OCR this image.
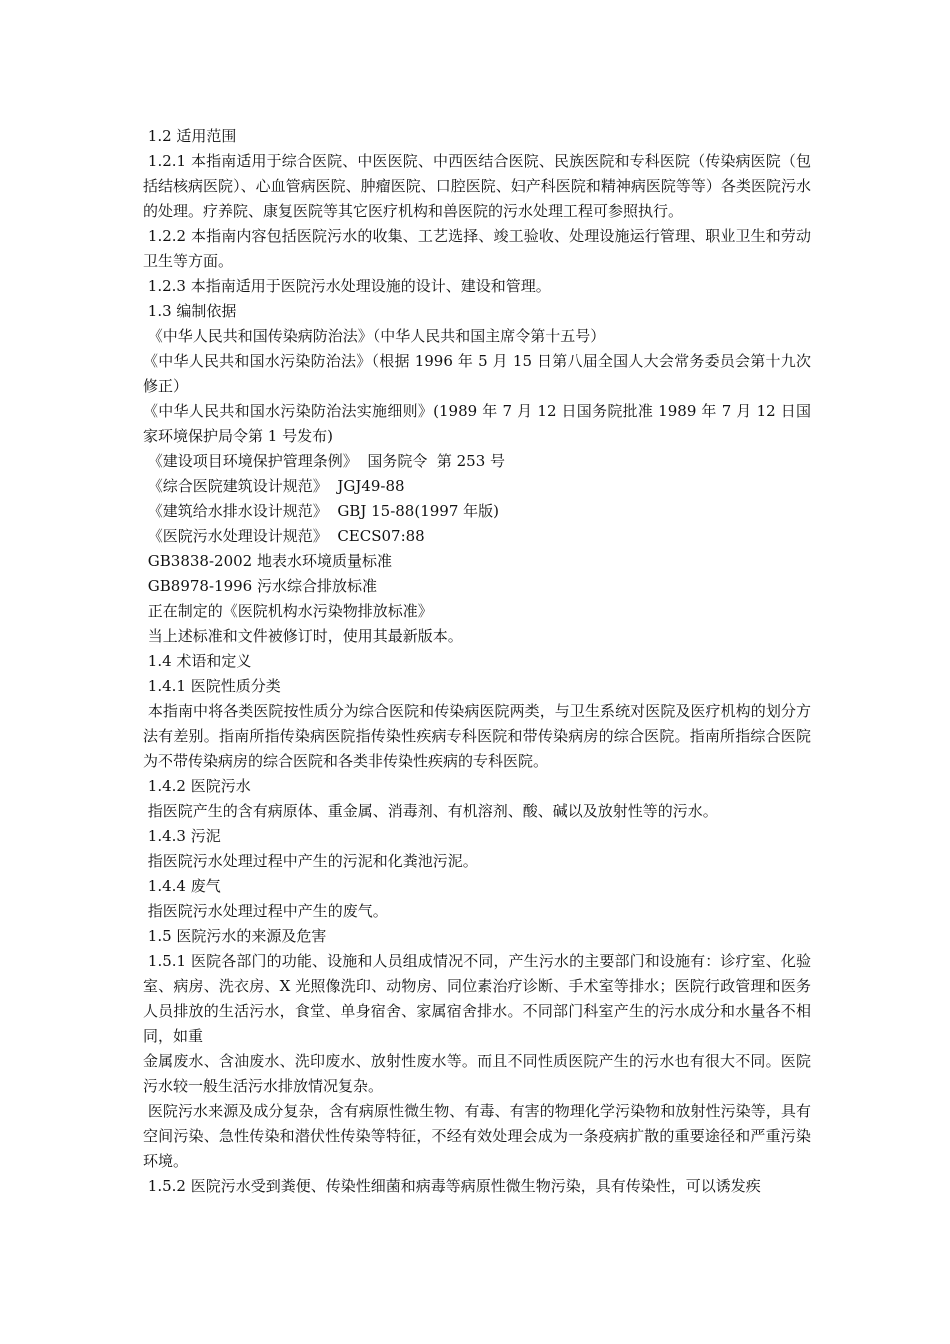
1.2 适用范围

1.2.1 本指南适用于综合医院、中医医院、中西医结合医院、民族医院和专科医院（传染病医院（包括结核病医院）、心血管病医院、肿瘤医院、口腔医院、妇产科医院和精神病医院等等）各类医院污水的处理。疗养院、康复医院等其它医疗机构和兽医院的污水处理工程可参照执行。

1.2.2 本指南内容包括医院污水的收集、工艺选择、竣工验收、处理设施运行管理、职业卫生和劳动卫生等方面。

1.2.3 本指南适用于医院污水处理设施的设计、建设和管理。

1.3 编制依据

《中华人民共和国传染病防治法》（中华人民共和国主席令第十五号）

《中华人民共和国水污染防治法》（根据 1996 年 5 月 15 日第八届全国人大会常务委员会第十九次修正）

《中华人民共和国水污染防治法实施细则》(1989 年 7 月 12 日国务院批准 1989 年 7 月 12 日国家环境保护局令第 1 号发布)

《建设项目环境保护管理条例》  国务院令  第 253 号

《综合医院建筑设计规范》  JGJ49-88

《建筑给水排水设计规范》  GBJ 15-88(1997 年版)

《医院污水处理设计规范》  CECS07:88

GB3838-2002 地表水环境质量标准

GB8978-1996 污水综合排放标准

正在制定的《医院机构水污染物排放标准》

当上述标准和文件被修订时，使用其最新版本。

1.4 术语和定义

1.4.1 医院性质分类

本指南中将各类医院按性质分为综合医院和传染病医院两类，与卫生系统对医院及医疗机构的划分方法有差别。指南所指传染病医院指传染性疾病专科医院和带传染病房的综合医院。指南所指综合医院为不带传染病房的综合医院和各类非传染性疾病的专科医院。

1.4.2 医院污水

指医院产生的含有病原体、重金属、消毒剂、有机溶剂、酸、碱以及放射性等的污水。

1.4.3 污泥

指医院污水处理过程中产生的污泥和化粪池污泥。

1.4.4 废气

指医院污水处理过程中产生的废气。

1.5 医院污水的来源及危害

1.5.1 医院各部门的功能、设施和人员组成情况不同，产生污水的主要部门和设施有：诊疗室、化验室、病房、洗衣房、X 光照像洗印、动物房、同位素治疗诊断、手术室等排水；医院行政管理和医务人员排放的生活污水，食堂、单身宿舍、家属宿舍排水。不同部门科室产生的污水成分和水量各不相同，如重

金属废水、含油废水、洗印废水、放射性废水等。而且不同性质医院产生的污水也有很大不同。医院污水较一般生活污水排放情况复杂。

医院污水来源及成分复杂，含有病原性微生物、有毒、有害的物理化学污染物和放射性污染等，具有空间污染、急性传染和潜伏性传染等特征，不经有效处理会成为一条疫病扩散的重要途径和严重污染环境。

1.5.2 医院污水受到粪便、传染性细菌和病毒等病原性微生物污染，具有传染性，可以诱发疾
